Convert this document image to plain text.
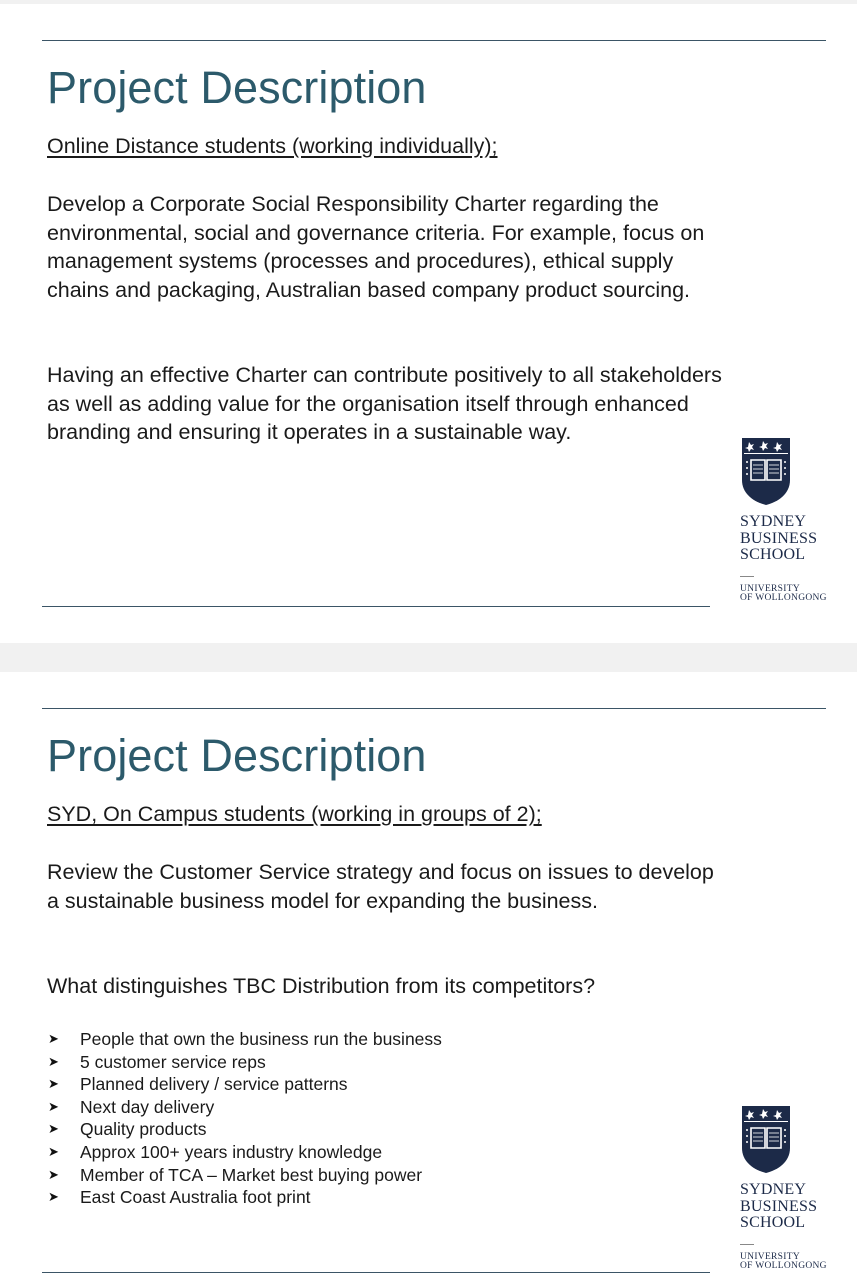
Project Description

Online Distance students (working individually);

Develop a Corporate Social Responsibility Charter regarding the environmental, social and governance criteria. For example, focus on management systems (processes and procedures), ethical supply chains and packaging, Australian based company product sourcing.

Having an effective Charter can contribute positively to all stakeholders as well as adding value for the organisation itself through enhanced branding and ensuring it operates in a sustainable way.

SYDNEY
BUSINESS
SCHOOL
UNIVERSITY
OF WOLLONGONG
Project Description

SYD, On Campus students (working in groups of 2);

Review the Customer Service strategy and focus on issues to develop a sustainable business model for expanding the business.

What distinguishes TBC Distribution from its competitors?

➤	People that own the business run the business
➤	5 customer service reps
➤	Planned delivery / service patterns
➤	Next day delivery
➤	Quality products
➤	Approx 100+ years industry knowledge
➤	Member of TCA – Market best buying power
➤	East Coast Australia foot print	SYDNEY
BUSINESS
SCHOOL
UNIVERSITY
OF WOLLONGONG
